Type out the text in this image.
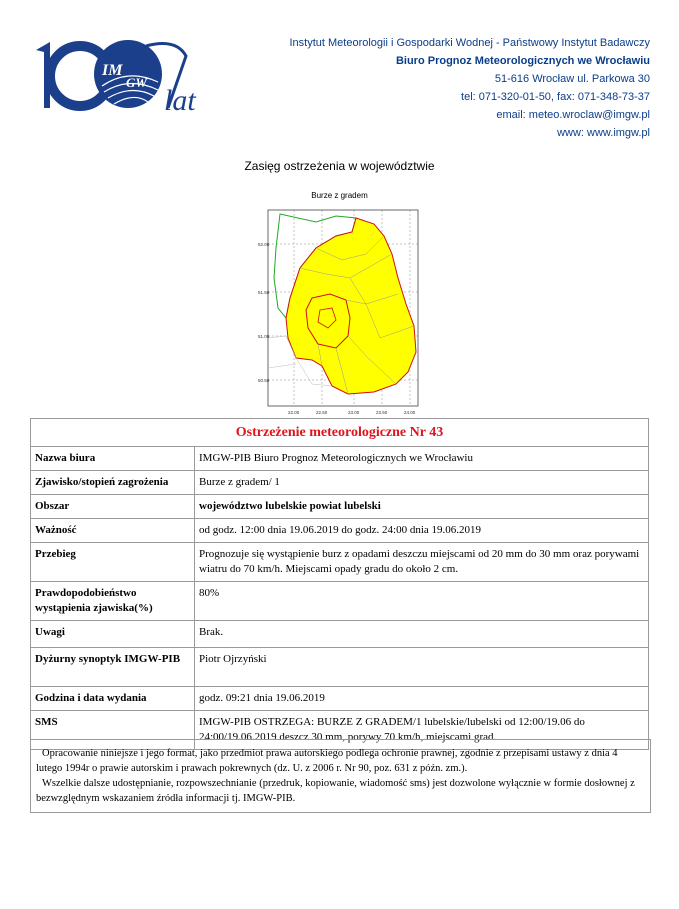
IM
GW
lat
Instytut Meteorologii i Gospodarki Wodnej - Państwowy Instytut Badawczy
Biuro Prognoz Meteorologicznych we Wrocławiu
51-616 Wrocław ul. Parkowa 30
tel: 071-320-01-50, fax: 071-348-73-37
email: meteo.wroclaw@imgw.pl
www: www.imgw.pl
Zasięg ostrzeżenia w województwie
Burze z gradem
52.00
51.50
51.00
50.50
22.00	22.50	23.00	23.50	24.00
Ostrzeżenie meteorologiczne Nr 43	
Nazwa biura	IMGW-PIB Biuro Prognoz Meteorologicznych we Wrocławiu
Zjawisko/stopień zagrożenia	Burze z gradem/ 1
Obszar	województwo lubelskie powiat lubelski
Ważność	od godz. 12:00 dnia 19.06.2019 do godz. 24:00 dnia 19.06.2019
Przebieg	Prognozuje się wystąpienie burz z opadami deszczu miejscami od 20 mm do 30 mm oraz porywami wiatru do 70 km/h. Miejscami opady gradu do około 2 cm.
Prawdopodobieństwo wystąpienia zjawiska(%)	80%
Uwagi	Brak.
Dyżurny synoptyk IMGW-PIB	Piotr Ojrzyński
Godzina i data wydania	godz. 09:21 dnia 19.06.2019
SMS	IMGW-PIB OSTRZEGA: BURZE Z GRADEM/1 lubelskie/lubelski od 12:00/19.06 do 24:00/19.06.2019 deszcz 30 mm, porywy 70 km/h, miejscami grad.
Opracowanie niniejsze i jego format, jako przedmiot prawa autorskiego podlega ochronie prawnej, zgodnie z przepisami ustawy z dnia 4 lutego 1994r o prawie autorskim i prawach pokrewnych (dz. U. z 2006 r. Nr 90, poz. 631 z późn. zm.).
Wszelkie dalsze udostępnianie, rozpowszechnianie (przedruk, kopiowanie, wiadomość sms) jest dozwolone wyłącznie w formie dosłownej z bezwzględnym wskazaniem źródła informacji tj. IMGW-PIB.
